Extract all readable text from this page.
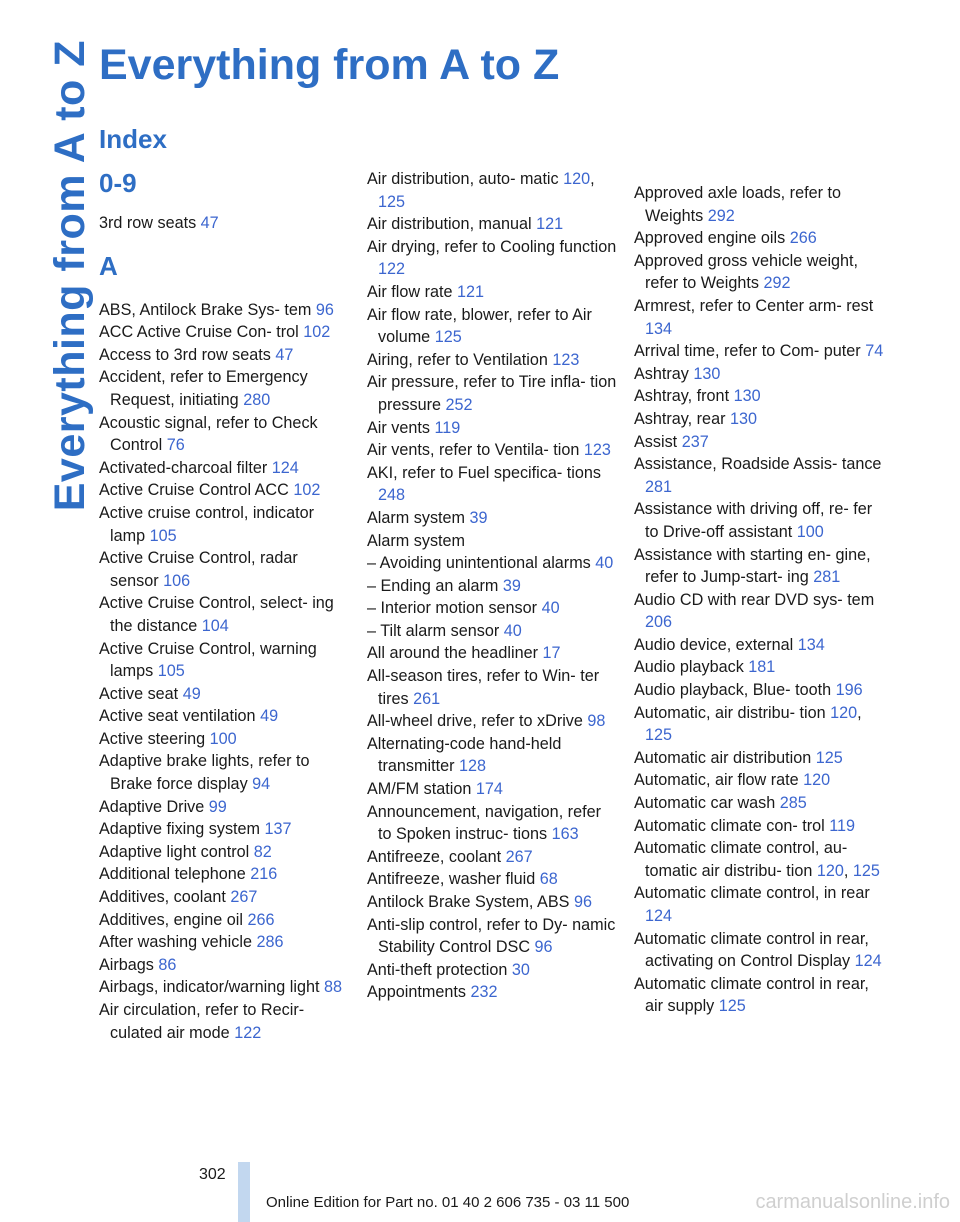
Everything from A to Z Everything from A to Z
Index
0-9
3rd row seats 47
A
ABS, Antilock Brake Sys- tem 96
ACC Active Cruise Con- trol 102
Access to 3rd row seats 47
Accident, refer to Emergency Request, initiating 280
Acoustic signal, refer to Check Control 76
Activated-charcoal filter 124
Active Cruise Control ACC 102
Active cruise control, indicator lamp 105
Active Cruise Control, radar sensor 106
Active Cruise Control, select- ing the distance 104
Active Cruise Control, warning lamps 105
Active seat 49
Active seat ventilation 49
Active steering 100
Adaptive brake lights, refer to Brake force display 94
Adaptive Drive 99
Adaptive fixing system 137
Adaptive light control 82
Additional telephone 216
Additives, coolant 267
Additives, engine oil 266
After washing vehicle 286
Airbags 86
Airbags, indicator/warning light 88
Air circulation, refer to Recir- culated air mode 122
Air distribution, auto- matic 120, 125
Air distribution, manual 121
Air drying, refer to Cooling function 122
Air flow rate 121
Air flow rate, blower, refer to Air volume 125
Airing, refer to Ventilation 123
Air pressure, refer to Tire infla- tion pressure 252
Air vents 119
Air vents, refer to Ventila- tion 123
AKI, refer to Fuel specifica- tions 248
Alarm system 39
Alarm system
– Avoiding unintentional alarms 40
– Ending an alarm 39
– Interior motion sensor 40
– Tilt alarm sensor 40
All around the headliner 17
All-season tires, refer to Win- ter tires 261
All-wheel drive, refer to xDrive 98
Alternating-code hand-held transmitter 128
AM/FM station 174
Announcement, navigation, refer to Spoken instruc- tions 163
Antifreeze, coolant 267
Antifreeze, washer fluid 68
Antilock Brake System, ABS 96
Anti-slip control, refer to Dy- namic Stability Control DSC 96
Anti-theft protection 30
Appointments 232
Approved axle loads, refer to Weights 292
Approved engine oils 266
Approved gross vehicle weight, refer to Weights 292
Armrest, refer to Center arm- rest 134
Arrival time, refer to Com- puter 74
Ashtray 130
Ashtray, front 130
Ashtray, rear 130
Assist 237
Assistance, Roadside Assis- tance 281
Assistance with driving off, re- fer to Drive-off assistant 100
Assistance with starting en- gine, refer to Jump-start- ing 281
Audio CD with rear DVD sys- tem 206
Audio device, external 134
Audio playback 181
Audio playback, Blue- tooth 196
Automatic, air distribu- tion 120, 125
Automatic air distribution 125
Automatic, air flow rate 120
Automatic car wash 285
Automatic climate con- trol 119
Automatic climate control, au- tomatic air distribu- tion 120, 125
Automatic climate control, in rear 124
Automatic climate control in rear, activating on Control Display 124
Automatic climate control in rear, air supply 125
302
Online Edition for Part no. 01 40 2 606 735 - 03 11 500	carmanualsonline.info
